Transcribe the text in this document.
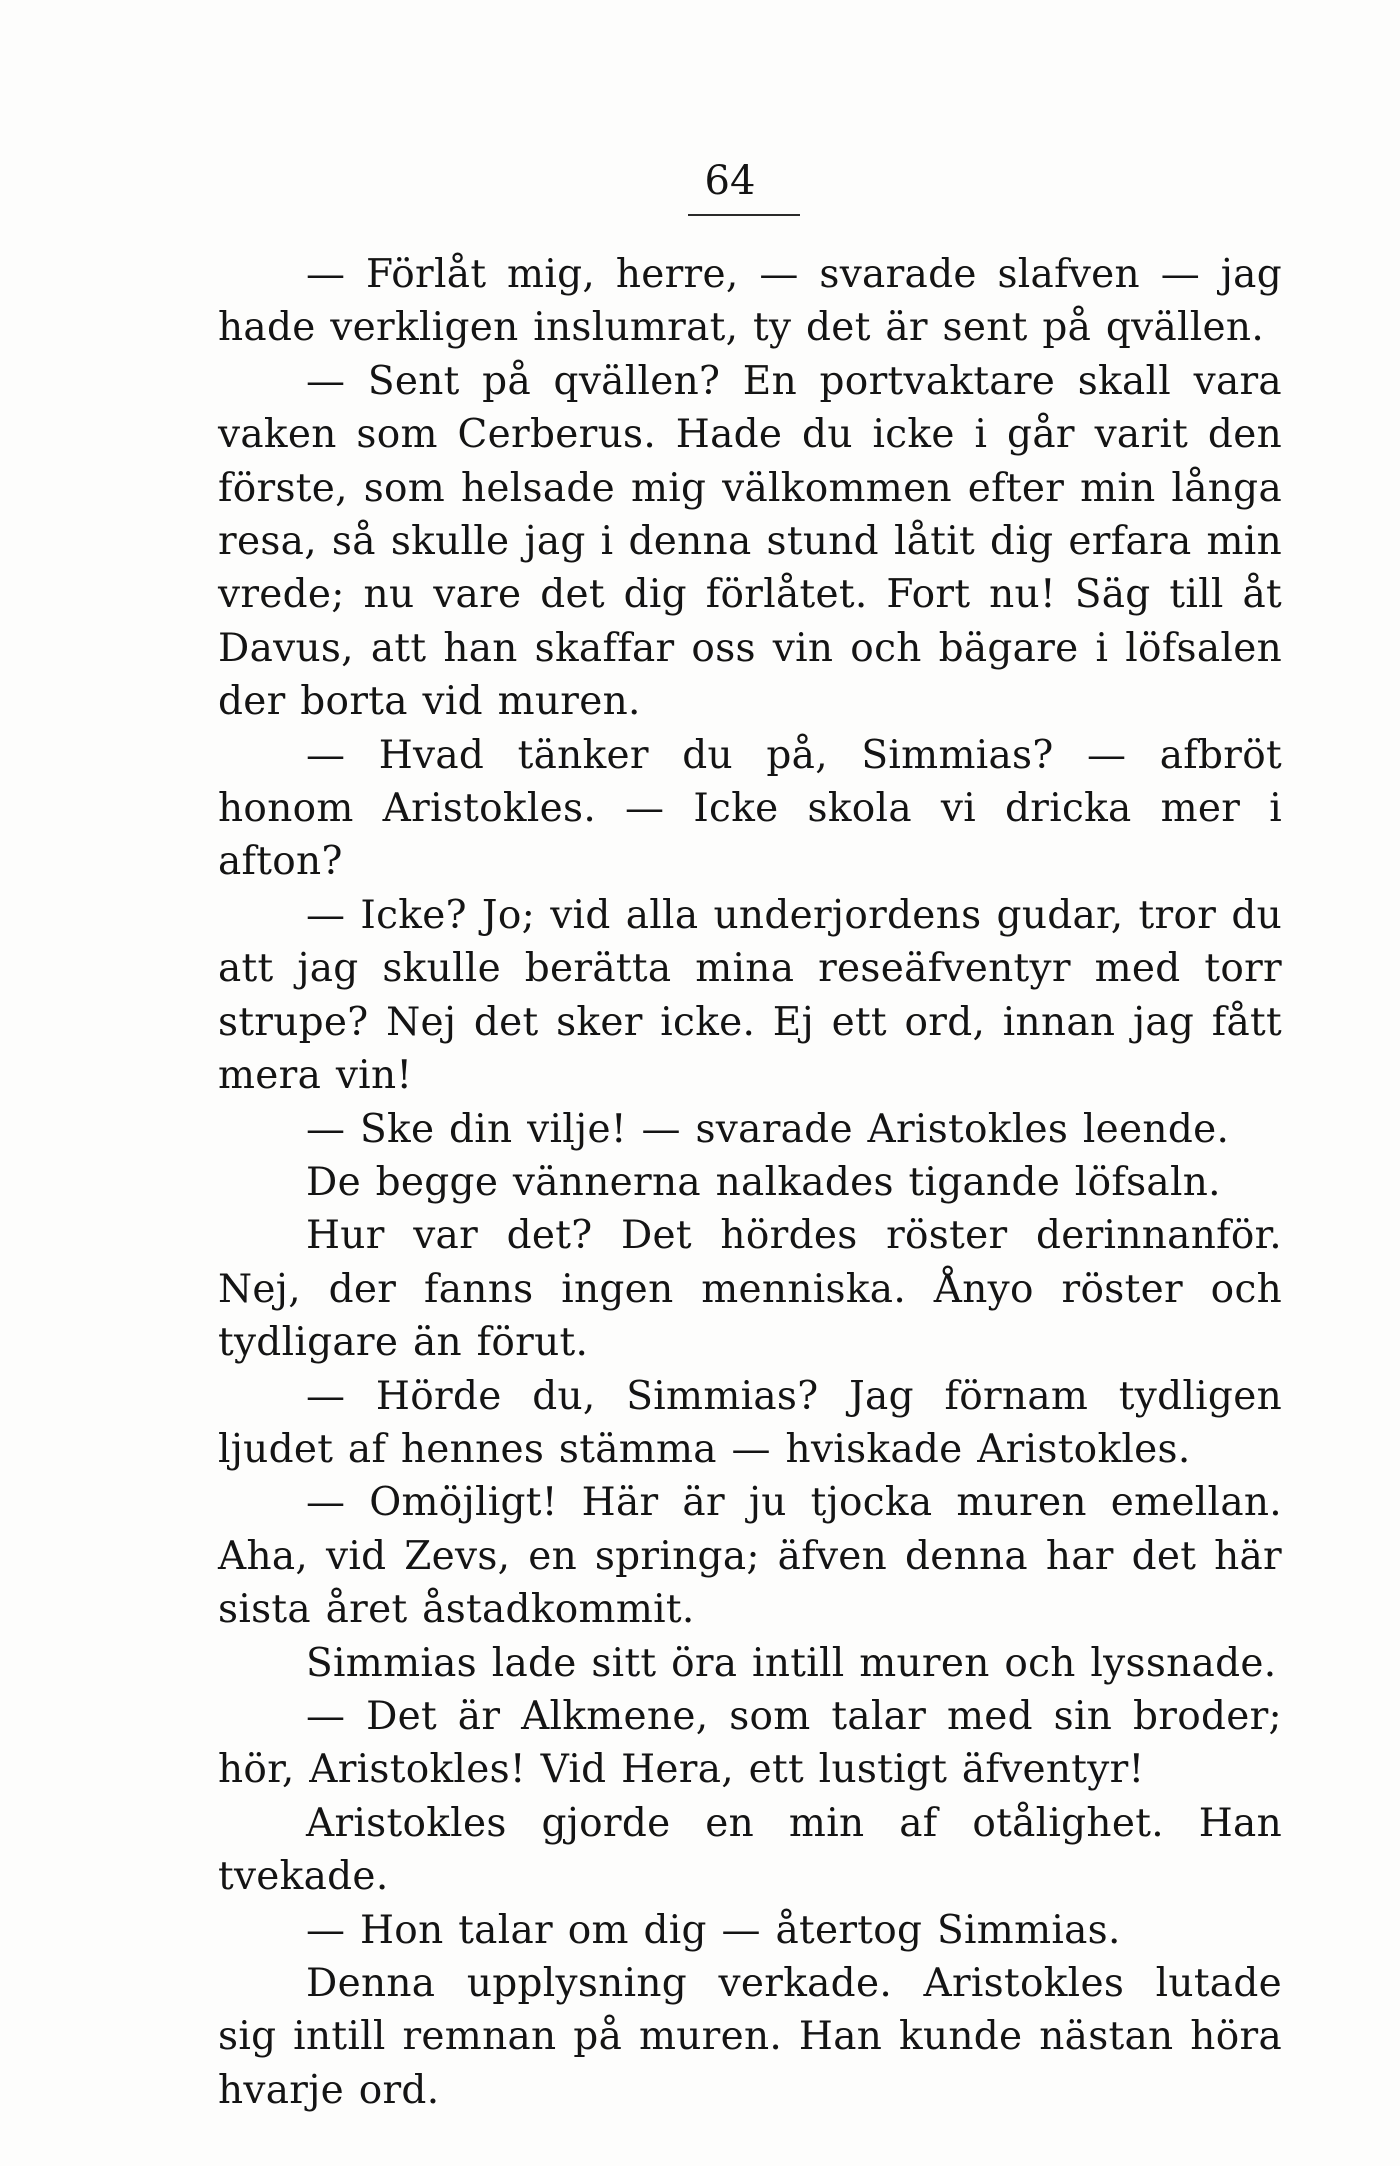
64

— Förlåt mig, herre, — svarade slafven — jag hade verkligen inslumrat, ty det är sent på qvällen.

— Sent på qvällen? En portvaktare skall vara vaken som Cerberus. Hade du icke i går varit den förste, som helsade mig välkommen efter min långa resa, så skulle jag i denna stund låtit dig erfara min vrede; nu vare det dig förlåtet. Fort nu! Säg till åt Davus, att han skaffar oss vin och bägare i löfsalen der borta vid muren.

— Hvad tänker du på, Simmias? — afbröt honom Aristokles. — Icke skola vi dricka mer i afton?

— Icke? Jo; vid alla underjordens gudar, tror du att jag skulle berätta mina reseäfventyr med torr strupe? Nej det sker icke. Ej ett ord, innan jag fått mera vin!

— Ske din vilje! — svarade Aristokles leende.

De begge vännerna nalkades tigande löfsaln.

Hur var det? Det hördes röster derinnanför. Nej, der fanns ingen menniska. Ånyo röster och tydligare än förut.

— Hörde du, Simmias? Jag förnam tydligen ljudet af hennes stämma — hviskade Aristokles.

— Omöjligt! Här är ju tjocka muren emellan. Aha, vid Zevs, en springa; äfven denna har det här sista året åstadkommit.

Simmias lade sitt öra intill muren och lyssnade.

— Det är Alkmene, som talar med sin broder; hör, Aristokles! Vid Hera, ett lustigt äfventyr!

Aristokles gjorde en min af otålighet. Han tvekade.

— Hon talar om dig — återtog Simmias.

Denna upplysning verkade. Aristokles lutade sig intill remnan på muren. Han kunde nästan höra hvarje ord.
